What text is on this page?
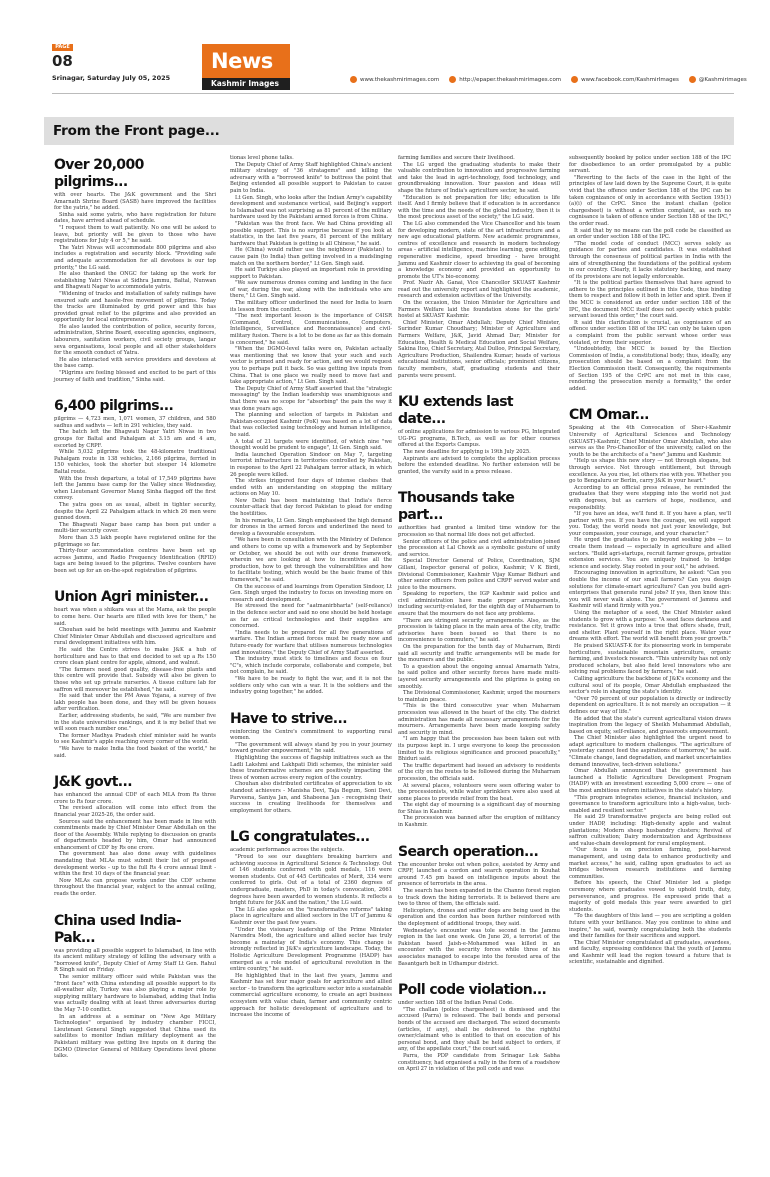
PAGE
08
Srinagar, Saturday July 05, 2025
News
Kashmir Images	www.thekashmirimages.com	http://epaper.thekashmirimages.com	www.facebook.com/KashmirImages	@Kashmirimages
From the Front page...
Over 20,000 pilgrims...

with over hearts. The J&K government and the Shri Amarnath Shrine Board (SASB) have improved the facilities for the yatris," he added.

Sinha said some yatris, who have registration for future dates, have arrived ahead of schedule.

"I request them to wait patiently. No one will be asked to leave, but priority will be given to those who have registrations for July 4 or 5," he said.

The Yatri Niwas will accommodate 800 pilgrims and also includes a registration and security block. "Providing safe and adequate accommodation for all devotees is our top priority," the LG said.

He also thanked the ONGC for taking up the work for establishing Yatri Niwas at Sidhra Jammu, Baltal, Nunwan and Bhagwati Nagar to accommodate yatris.

"Widening of tracks and installation of safety railings have ensured safe and hassle-free movement of pilgrims. Today the tracks are illuminated by grid power and this has provided great relief to the pilgrims and also provided an opportunity for local entrepreneurs.

He also lauded the contribution of police, security forces, administration, Shrine Board, executing agencies, engineers, labourers, sanitation workers, civil society groups, langar seva organisations, local people and all other stakeholders for the smooth conduct of Yatra.

He also interacted with service providers and devotees at the base camp.

"Pilgrims are feeling blessed and excited to be part of this journey of faith and tradition," Sinha said.

6,400 pilgrims...

pilgrims — 4,723 men, 1,071 women, 37 children, and 580 sadhus and sadhvis — left in 291 vehicles, they said.

The batch left the Bhagwati Nagar Yatri Niwas in two groups for Baltal and Pahalgam at 3.15 am and 4 am, escorted by CRPF.

While 5,032 pilgrims took the 48-kilometre traditional Pahalgam route in 138 vehicles, 2,166 pilgrims, ferried in 150 vehicles, took the shorter but steeper 14 kilometre Baltal route.

With the fresh departure, a total of 17,549 pilgrims have left the Jammu base camp for the Valley since Wednesday, when Lieutenant Governor Manoj Sinha flagged off the first convoy.

The yatra goes on as usual, albeit in tighter security, despite the April 22 Pahalgam attack in which 26 men were gunned down.

The Bhagwati Nagar base camp has been put under a multi-tier security cover.

More than 3.5 lakh people have registered online for the pilgrimage so far.

Thirty-four accommodation centres have been set up across Jammu, and Radio Frequency Identification (RFID) tags are being issued to the pilgrims. Twelve counters have been set up for an on-the-spot registration of pilgrims.

Union Agri minister...

heart was when a shikara was at the Mama, ask the people to come here. Our hearts are filled with love for them," he said.

Chouhan said he held meetings with Jammu and Kashmir Chief Minister Omar Abdullah and discussed agriculture and rural development initiatives with him.

He said the Centre strives to make J&K a hub of horticulture and has to that end decided to set up a Rs 150 crore clean plant centre for apple, almond, and walnut.

"The farmers need good quality, disease-free plants and this centre will provide that. Subsidy will also be given to those who set up private nurseries. A tissue culture lab for saffron will moreover be established," he said.

He said that under the PM Awas Yojana, a survey of five lakh people has been done, and they will be given houses after verification.

Earlier, addressing students, he said, "We are number five in the state universities rankings, and it is my belief that we will soon reach number one."

The former Madhya Pradesh chief minister said he wants to see Kashmir's apple reaching every corner of the world.

"We have to make India the food basket of the world," he said.

J&K govt...

has enhanced the annual CDF of each MLA from Rs three crore to Rs four crore.

The revised allocation will come into effect from the financial year 2025-26, the order said.

Sources said the enhancement has been made in line with commitments made by Chief Minister Omar Abdullah on the floor of the Assembly. While replying to discussion on grants of departments headed by him, Omar had announced enhancement of CDF by Rs one crore.

The government has also done away with guidelines mandating that MLAs must submit their list of proposed development works - up to the full Rs 4 crore annual limit - within the first 10 days of the financial year.

Now MLAs can propose works under the CDF scheme throughout the financial year, subject to the annual ceiling, reads the order.

China used India-Pak...

was providing all possible support to Islamabad, in line with its ancient military strategy of killing the adversary with a "borrowed knife", Deputy Chief of Army Staff Lt Gen. Rahul R Singh said on Friday.

The senior military officer said while Pakistan was the "front face" with China extending all possible support to its all-weather ally, Turkey was also playing a major role by supplying military hardware to Islamabad, adding that India was actually dealing with at least three adversaries during the May 7-10 conflict.

In an address at a seminar on "New Age Military Technologies" organised by industry chamber FICCI, Lieutenant General Singh suggested that China used its satellites to monitor Indian military deployment as the Pakistani military was getting live inputs on it during the DGMO (Director General of Military Operations level phone talks.

tionas level phone talks.

The Deputy Chief of Army Staff highlighted China's ancient military strategy of "36 stratagems" and killing the adversary with a "borrowed knife" to buttress the point that Beijing extended all possible support to Pakistan to cause pain to India.

Lt Gen. Singh, who looks after the Indian Army's capability development and sustenance vertical, said Beijing's support to Islamabad was not surprising as 81 percent of the military hardware used by the Pakistani armed forces is from China.

"Pakistan was the front face. We had China providing all possible support. This is no surprise because if you look at statistics, in the last five years, 81 percent of the military hardware that Pakistan is getting is all Chinese," he said.

He (China) would rather use the neighbour (Pakistan) to cause pain (to India) than getting involved in a mudslinging match on the northern border," Lt Gen. Singh said.

He said Turkiye also played an important role in providing support to Pakistan.

"We saw numerous drones coming and landing in the face of war, during the war, along with the individuals who are there," Lt Gen. Singh said.

The military officer underlined the need for India to learn its lesson from the conflict.

"The next important lesson is the importance of C4ISR (Command, Control, Communications, Computers, Intelligence, Surveillance and Reconnaissance) and civil-military fusion. There is a lot to be done as far as this domain is concerned," he said.

"When the DGMO-level talks were on, Pakistan actually was mentioning that we know that your such and such vector is primed and ready for action, and we would request you to perhaps pull it back. So was getting live inputs from China. That is one place we really need to move fast and take appropriate action," Lt Gen. Singh said.

The Deputy Chief of Army Staff asserted that the "strategic messaging" by the Indian leadership was unambiguous and that there was no scope for "absorbing" the pain the way it was done years ago.

The planning and selection of targets in Pakistan and Pakistan-occupied Kashmir (PoK) was based on a lot of data that was collected using technology and human intelligence, he said.

A total of 21 targets were identified, of which nine "we thought would be prudent to engage", Lt Gen. Singh said.

India launched Operation Sindoor on May 7, targeting terrorist infrastructure in territories controlled by Pakistan, in response to the April 22 Pahalgam terror attack, in which 26 people were killed.

The strikes triggered four days of intense clashes that ended with an understanding on stopping the military actions on May 10.

New Delhi has been maintaining that India's fierce counter-attack that day forced Pakistan to plead for ending the hostilities.

In his remarks, Lt Gen. Singh emphasised the high demand for drones in the armed forces and underlined the need to develop a favourable ecosystem.

"We have been in consultation with the Ministry of Defence and others to come up with a framework and by September or October, we should be out with our drone framework, wherein we are looking at how to incentivise all the production, how to get through the vulnerabilities and how to facilitate testing, which would be the basic frame of this framework," he said.

On the success of and learnings from Operation Sindoor, Lt Gen. Singh urged the industry to focus on investing more on research and development.

He stressed the need for "aatmanirbharta" (self-reliance) in the defence sector and said no one should be held hostage as far as critical technologies and their supplies are concerned.

"India needs to be prepared for all five generations of warfare. The Indian armed forces must be ready now and future-ready for warfare that utilises numerous technologies and innovations," the Deputy Chief of Army Staff asserted.

The industry must stick to timelines and focus on four "C"s, which include corporate, collaborate and compete, but not complain, he said.

"We have to be ready to fight the war, and it is not the soldiers only who can win a war. It is the soldiers and the industry going together," he added.

Have to strive...

reinforcing the Centre's commitment to supporting rural women.

"The government will always stand by you in your journey toward greater empowerment," he said.

Highlighting the success of flagship initiatives such as the Ladli Lakshmi and Lakhpati Didi schemes, the minister said these transformative schemes are positively impacting the lives of women across every region of the country.

Chouhan also distributed certificates of appreciation to six standout achievers - Manisha Devi, Taja Begum, Soni Devi, Parveena, Saniya Jan, and Shabeena Jan - recognising their success in creating livelihoods for themselves and employment for others.

LG congratulates...

academic performance across the subjects.

"Proud to see our daughters breaking barriers and achieving success in Agricultural Science & Technology. Out of 146 students conferred with gold medals, 116 were women students. Out of 445 Certificates of Merit, 334 were conferred to girls. Out of a total of 2360 degrees of undergraduate, masters, PhD in today's convocation, 2661 degrees have been awarded to women students. It reflects a bright future for J&K and the nation," the LG said.

The LG also spoke on the "transformative reforms" taking place in agriculture and allied sectors in the UT of Jammu & Kashmir over the past few years.

"Under the visionary leadership of the Prime Minister Narendra Modi, the agriculture and allied sector has truly become a mainstay of India's economy. This change is strongly reflected in J&K's agriculture landscape. Today, the Holistic Agriculture Development Programme (HADP) has emerged as a role model of agricultural revolution in the entire country," he said.

He highlighted that in the last five years, Jammu and Kashmir has set four major goals for agriculture and allied sector - to transform the agriculture sector into a sustainable commercial agriculture economy, to create an agri business ecosystem with value chain, farmer and community centric approach for holistic development of agriculture and to increase the income of

farming families and secure their livelihood.

The LG urged the graduating students to make their valuable contribution to innovation and progressive farming and take the lead in agri-technology, food technology, and groundbreaking innovation. Your passion and ideas will shape the future of India's agriculture sector, he said.

"Education is not preparation for life; education is life itself. And I firmly believe that if education is in accordance with the time and the needs of the global industry, then it is the most precious asset of the society," the LG said.

The LG also commended the Vice Chancellor and his team for developing modern, state of the art infrastructure and a new age educational platform. New academic programmes, centres of excellence and research in modern technology areas - artificial intelligence, machine learning, gene editing, regenerative medicine, speed breeding - have brought Jammu and Kashmir closer to achieving its goal of becoming a knowledge economy and provided an opportunity to promote the UT's bio-economy.

Prof. Nazir Ah. Ganai, Vice Chancellor SKUAST Kashmir read out the university report and highlighted the academic, research and extension activities of the University.

On the occasion, the Union Minister for Agriculture and Farmers Welfare laid the foundation stone for the girls' hostel at SKUAST Kashmir.

Chief Minister, Omar Abdullah; Deputy Chief Minister, Surinder Kumar Choudhary; Minister of Agriculture and Farmers Welfare, J&K, Javid Ahmad Dar; Minister for Education, Health & Medical Education and Social Welfare, Sakina Itoo, Chief Secretary, Atal Dulloo, Principal Secretary, Agriculture Production, Shailendra Kumar; heads of various educational institutions, senior officials; prominent citizens, faculty members, staff, graduating students and their parents were present.

KU extends last date...

of online applications for admission to various PG, Integrated UG-PG programs, B.Tech, as well as for other courses offered at the Exports Campus.

The new deadline for applying is 19th July 2025.

Aspirants are advised to complete the application process before the extended deadline. No further extension will be granted, the varsity said in a press release.

Thousands take part...

authorities had granted a limited time window for the procession so that normal life does not get affected.

Senior officers of the police and civil administration joined the procession at Lal Chowk as a symbolic gesture of unity and service.

Special Director General of Police, Coordination, SJM Gillani, Inspector general of police, Kashmir, V K Birdi, Divisional Commissioner, Kashmir Vijay Kumar Bidhuri and other senior officers from police and CRPF served water and juice to the mourners.

Speaking to reporters, the IGP Kashmir said police and civil administration have made proper arrangements, including security-related, for the eighth day of Muharram to ensure that the mourners do not face any problems.

"There are stringent security arrangements. Also, as the procession is taking place in the main area of the city, traffic advisories have been issued so that there is no inconvenience to commuters," he said.

On the preparation for the tenth day of Muharram, Birdi said all security and traffic arrangements will be made for the mourners and the public.

To a question about the ongoing annual Amarnath Yatra, he said police and other security forces have made multi-layered security arrangements and the pilgrims is going on smoothly.

The Divisional Commissioner, Kashmir, urged the mourners to maintain peace.

"This is the third consecutive year when Muharram procession was allowed in the heart of the city. The district administration has made all necessary arrangements for the mourners. Arrangements have been made keeping safety and security in mind.

"I am happy that the procession has been taken out with its purpose kept in. I urge everyone to keep the procession limited to its religious significance and proceed peacefully," Bhiduri said.

The traffic department had issued an advisory to residents of the city on the routes to be followed during the Muharram procession, the officials said.

At several places, volunteers were seen offering water to the processionists, while water sprinklers were also used at some places to provide relief from the heat.

The eight day of mourning is a significant day of mourning for Shias in Kashmir.

The procession was banned after the eruption of militancy in Kashmir.

Search operation...

The encounter broke out when police, assisted by Army and CRPF, launched a cordon and search operation in Kouhat around 7.45 pm based on intelligence inputs about the presence of terrorists in the area.

The search has been expanded in the Channo forest region to track down the hiding terrorists. It is believed there are two to three of them, the officials said.

Helicopters, drones and sniffer dogs are being used in the operation and the cordon has been further reinforced with the deployment of additional troops, they said.

Wednesday's encounter was tole second in the Jammu region in the last one week. On June 26, a terrorist of the Pakistan based Jaish-e-Mohammed was killed in an encounter with the security forces while three of his associates managed to escape into the forested area of the Basantgarh belt in Udhampur district.

Poll code violation...

under section 188 of the Indian Penal Code.

"The challan (police chargesheet) is dismissed and the accused (Parra) is released. The bail bonds and personal bonds of the accused are discharged. The seized documents (articles, if any), shall be delivered to the rightful owner/claimant who is entitled to that on execution of his personal bond, and they shall be held subject to orders, if any, of the appellate court," the court said.

Parra, the PDP candidate from Srinagar Lok Sabha constituency, had organised a rally in the form of a roadshow on April 27 in violation of the poll code and was

subsequently booked by police under section 188 of the IPC for disobedience to an order promulgated by a public servant.

"Reverting to the facts of the case in the light of the principles of law laid down by the Supreme Court, it is quite vivid that the offence under Section 188 of the IPC can be taken cognizance of only in accordance with Section 195(1)(a)(i) of the CrPC. Since the instant challan (police chargesheet) is without a written complaint, as such no cognisance is taken of offence under Section 188 of the IPC," the order read.

It said that by no means can the poll code be classified as an order under section 188 of the IPC.

"The model code of conduct (MCC) serves solely as guidance for parties and candidates. It was established through the consensus of political parties in India with the aim of strengthening the foundations of the political system in our country. Clearly, it lacks statutory backing, and many of its provisions are not legally enforceable.

"It is the political parties themselves that have agreed to adhere to the principles outlined in this Code, thus binding them to respect and follow it both in letter and spirit. Even if the MCC is considered an order under section 188 of the IPC, the document MCC itself does not specify which public servant issued this order," the court said.

It said this clarification is crucial, as cognisance of an offence under section 188 of the IPC can only be taken upon a complaint from the public servant whose order was violated, or from their superior.

"Undoubtedly, the MCC is issued by the Election Commission of India, a constitutional body; thus, ideally, any prosecution should be based on a complaint from the Election Commission itself. Consequently, the requirements of Section 195 of the CrPC are not met in this case, rendering the prosecution merely a formality," the order added.

CM Omar...

Speaking at the 4th Convocation of Sher-i-Kashmir University of Agricultural Sciences and Technology (SKUAST)-Kashmir, Chief Minister Omar Abdullah, who also serves as the Pro-Chancellor of the university, called on the youth to be the architects of a "new" Jammu and Kashmir.

"Help us shape this new story — not through slogans, but through service. Not through entitlement, but through excellence. As you rise, let others rise with you. Whether you go to Bengaluru or Berlin, carry J&K in your heart."

According to an official press release, he reminded the graduates that they were stepping into the world not just with degrees, but as carriers of hope, resilience, and responsibility.

"If you have an idea, we'll fund it. If you have a plan, we'll partner with you. If you have the courage, we will support you. Today, the world needs not just your knowledge, but your compassion, your courage, and your character."

He urged the graduates to go beyond seeking jobs — to create them instead — especially in agriculture and allied sectors. "Build agri-startups, recruit farmer groups, privatize extension services. You are uniquely trained to bridge science and society. Stay rooted in your soil," he advised.

Encouraging innovation in agriculture, he asked: "Can you double the income of our small farmers? Can you design solutions for climate-smart agriculture? Can you build agri-enterprises that generate rural jobs? If yes, then know this: you will never walk alone. The government of Jammu and Kashmir will stand firmly with you."

Using the metaphor of a seed, the Chief Minister asked students to grow with a purpose: "A seed faces darkness and resistance. Yet it grows into a tree that offers shade, fruit, and shelter. Plant yourself in the right place. Water your dreams with effort. The world will benefit from your growth."

He praised SKUAST-K for its pioneering work in temperate horticulture, sustainable mountain agriculture, organic farming, and livestock research. "This university has not only produced scholars, but also field level innovators who are solving real problems faced by farmers," he said.

Calling agriculture the backbone of J&K's economy and the cultural soul of its people, Omar Abdullah emphasized the sector's role in shaping the state's identity.

"Over 70 percent of our population is directly or indirectly dependent on agriculture. It is not merely an occupation — it defines our way of life."

He added that the state's current agricultural vision draws inspiration from the legacy of Sheikh Muhammad Abdullah, based on equity, self-reliance, and grassroots empowerment.

The Chief Minister also highlighted the urgent need to adapt agriculture to modern challenges. "The agriculture of yesterday cannot feed the aspirations of tomorrow," he said. "Climate change, land degradation, and market uncertainties demand innovative, tech-driven solutions."

Omar Abdullah announced that the government has launched a Holistic Agriculture Development Program (HADP) with an investment exceeding 5,000 crore — one of the most ambitious reform initiatives in the state's history.

"This program integrates science, financial inclusion, and governance to transform agriculture into a high-value, tech-enabled and resilient sector."

He said 29 transformative projects are being rolled out under HADP, including: High-density apple and walnut plantations; Modern sheep husbandry clusters; Revival of saffron cultivation; Dairy modernization and Agribusiness and value-chain development for rural employment.

"Our focus is on precision farming, post-harvest management, and using data to enhance productivity and market access," he said, calling upon graduates to act as bridges between research institutions and farming communities.

Before his speech, the Chief Minister led a pledge ceremony where graduates vowed to uphold truth, duty, perseverance, and progress. He expressed pride that a majority of gold medals this year were awarded to girl students.

"To the daughters of this land — you are scripting a golden future with your brilliance. May you continue to shine and inspire," he said, warmly congratulating both the students and their families for their sacrifices and support.

The Chief Minister congratulated all graduates, awardees, and faculty, expressing confidence that the youth of Jammu and Kashmir will lead the region toward a future that is scientific, sustainable and dignified.
